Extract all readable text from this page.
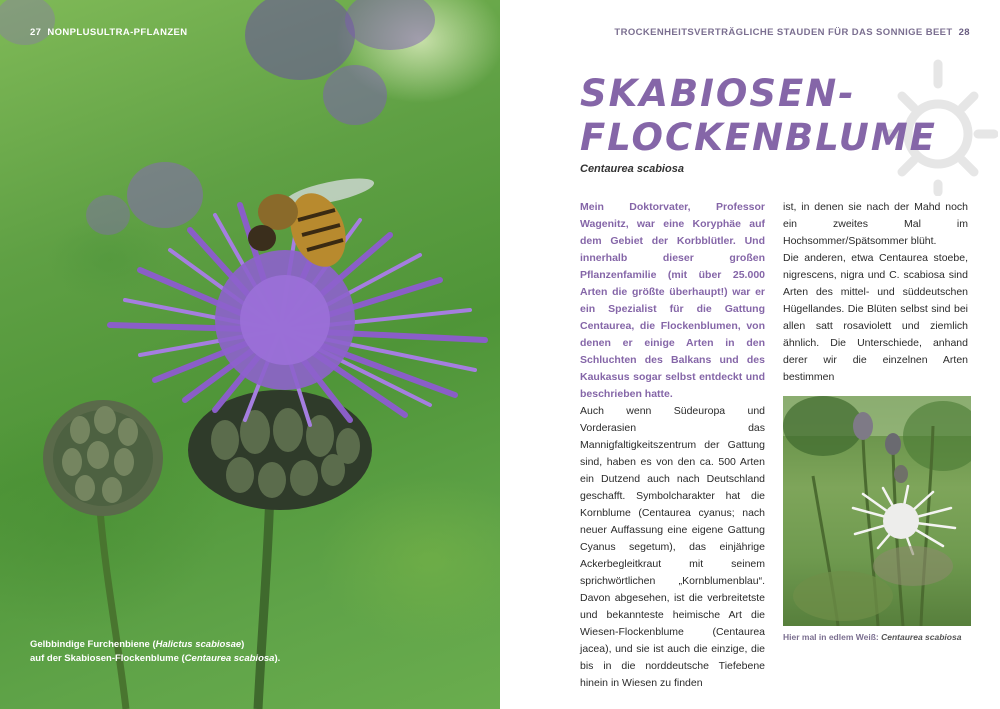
27 NONPLUSULTRA-PFLANZEN
Gelbbindige Furchenbiene (Halictus scabiosae)
auf der Skabiosen-Flockenblume (Centaurea scabiosa).
TROCKENHEITSVERTRÄGLICHE STAUDEN FÜR DAS SONNIGE BEET 28
SKABIOSEN-
FLOCKENBLUME
Centaurea scabiosa

Mein Doktorvater, Professor Wagenitz, war eine Koryphäe auf dem Gebiet der Korbblütler. Und innerhalb dieser großen Pflanzenfamilie (mit über 25.000 Arten die größte überhaupt!) war er ein Spezialist für die Gattung Centaurea, die Flockenblumen, von denen er einige Arten in den Schluchten des Balkans und des Kaukasus sogar selbst entdeckt und beschrieben hatte.

Auch wenn Südeuropa und Vorderasien das Mannigfaltigkeitszentrum der Gattung sind, haben es von den ca. 500 Arten ein Dutzend auch nach Deutschland geschafft. Symbolcharakter hat die Kornblume (Centaurea cyanus; nach neuer Auffassung eine eigene Gattung Cyanus segetum), das einjährige Ackerbegleitkraut mit seinem sprichwörtlichen „Kornblumenblau“. Davon abgesehen, ist die verbreitetste und bekannteste heimische Art die Wiesen-Flockenblume (Centaurea jacea), und sie ist auch die einzige, die bis in die norddeutsche Tiefebene hinein in Wiesen zu finden

ist, in denen sie nach der Mahd noch ein zweites Mal im Hochsommer/Spätsommer blüht.

Die anderen, etwa Centaurea stoebe, nigrescens, nigra und C. scabiosa sind Arten des mittel- und süddeutschen Hügellandes. Die Blüten selbst sind bei allen satt rosaviolett und ziemlich ähnlich. Die Unterschiede, anhand derer wir die einzelnen Arten bestimmen

Hier mal in edlem Weiß: Centaurea scabiosa
